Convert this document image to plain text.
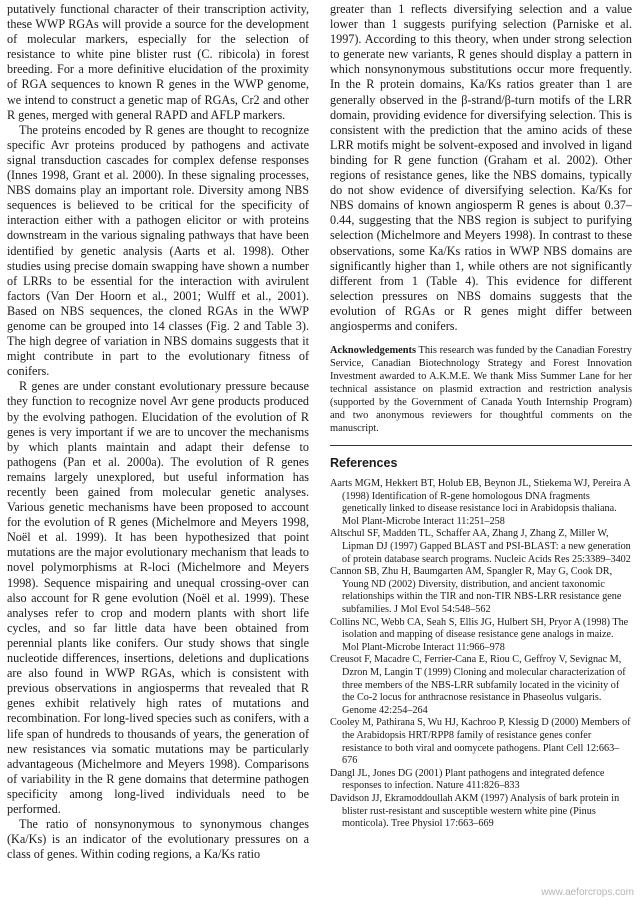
putatively functional character of their transcription activity, these WWP RGAs will provide a source for the development of molecular markers, especially for the selection of resistance to white pine blister rust (C. ribicola) in forest breeding. For a more definitive elucidation of the proximity of RGA sequences to known R genes in the WWP genome, we intend to construct a genetic map of RGAs, Cr2 and other R genes, merged with general RAPD and AFLP markers.

The proteins encoded by R genes are thought to recognize specific Avr proteins produced by pathogens and activate signal transduction cascades for complex defense responses (Innes 1998, Grant et al. 2000). In these signaling processes, NBS domains play an important role. Diversity among NBS sequences is believed to be critical for the specificity of interaction either with a pathogen elicitor or with proteins downstream in the various signaling pathways that have been identified by genetic analysis (Aarts et al. 1998). Other studies using precise domain swapping have shown a number of LRRs to be essential for the interaction with avirulent factors (Van Der Hoorn et al., 2001; Wulff et al., 2001). Based on NBS sequences, the cloned RGAs in the WWP genome can be grouped into 14 classes (Fig. 2 and Table 3). The high degree of variation in NBS domains suggests that it might contribute in part to the evolutionary fitness of conifers.

R genes are under constant evolutionary pressure because they function to recognize novel Avr gene products produced by the evolving pathogen. Elucidation of the evolution of R genes is very important if we are to uncover the mechanisms by which plants maintain and adapt their defense to pathogens (Pan et al. 2000a). The evolution of R genes remains largely unexplored, but useful information has recently been gained from molecular genetic analyses. Various genetic mechanisms have been proposed to account for the evolution of R genes (Michelmore and Meyers 1998, Noël et al. 1999). It has been hypothesized that point mutations are the major evolutionary mechanism that leads to novel polymorphisms at R-loci (Michelmore and Meyers 1998). Sequence mispairing and unequal crossing-over can also account for R gene evolution (Noël et al. 1999). These analyses refer to crop and modern plants with short life cycles, and so far little data have been obtained from perennial plants like conifers. Our study shows that single nucleotide differences, insertions, deletions and duplications are also found in WWP RGAs, which is consistent with previous observations in angiosperms that revealed that R genes exhibit relatively high rates of mutations and recombination. For long-lived species such as conifers, with a life span of hundreds to thousands of years, the generation of new resistances via somatic mutations may be particularly advantageous (Michelmore and Meyers 1998). Comparisons of variability in the R gene domains that determine pathogen specificity among long-lived individuals need to be performed.

The ratio of nonsynonymous to synonymous changes (Ka/Ks) is an indicator of the evolutionary pressures on a class of genes. Within coding regions, a Ka/Ks ratio

greater than 1 reflects diversifying selection and a value lower than 1 suggests purifying selection (Parniske et al. 1997). According to this theory, when under strong selection to generate new variants, R genes should display a pattern in which nonsynonymous substitutions occur more frequently. In the R protein domains, Ka/Ks ratios greater than 1 are generally observed in the β-strand/β-turn motifs of the LRR domain, providing evidence for diversifying selection. This is consistent with the prediction that the amino acids of these LRR motifs might be solvent-exposed and involved in ligand binding for R gene function (Graham et al. 2002). Other regions of resistance genes, like the NBS domains, typically do not show evidence of diversifying selection. Ka/Ks for NBS domains of known angiosperm R genes is about 0.37–0.44, suggesting that the NBS region is subject to purifying selection (Michelmore and Meyers 1998). In contrast to these observations, some Ka/Ks ratios in WWP NBS domains are significantly higher than 1, while others are not significantly different from 1 (Table 4). This evidence for different selection pressures on NBS domains suggests that the evolution of RGAs or R genes might differ between angiosperms and conifers.

Acknowledgements This research was funded by the Canadian Forestry Service, Canadian Biotechnology Strategy and Forest Innovation Investment awarded to A.K.M.E. We thank Miss Summer Lane for her technical assistance on plasmid extraction and restriction analysis (supported by the Government of Canada Youth Internship Program) and two anonymous reviewers for thoughtful comments on the manuscript.

References
Aarts MGM, Hekkert BT, Holub EB, Beynon JL, Stiekema WJ, Pereira A (1998) Identification of R-gene homologous DNA fragments genetically linked to disease resistance loci in Arabidopsis thaliana. Mol Plant-Microbe Interact 11:251–258
Altschul SF, Madden TL, Schaffer AA, Zhang J, Zhang Z, Miller W, Lipman DJ (1997) Gapped BLAST and PSI-BLAST: a new generation of protein database search programs. Nucleic Acids Res 25:3389–3402
Cannon SB, Zhu H, Baumgarten AM, Spangler R, May G, Cook DR, Young ND (2002) Diversity, distribution, and ancient taxonomic relationships within the TIR and non-TIR NBS-LRR resistance gene subfamilies. J Mol Evol 54:548–562
Collins NC, Webb CA, Seah S, Ellis JG, Hulbert SH, Pryor A (1998) The isolation and mapping of disease resistance gene analogs in maize. Mol Plant-Microbe Interact 11:966–978
Creusot F, Macadre C, Ferrier-Cana E, Riou C, Geffroy V, Sevignac M, Dzron M, Langin T (1999) Cloning and molecular characterization of three members of the NBS-LRR subfamily located in the vicinity of the Co-2 locus for anthracnose resistance in Phaseolus vulgaris. Genome 42:254–264
Cooley M, Pathirana S, Wu HJ, Kachroo P, Klessig D (2000) Members of the Arabidopsis HRT/RPP8 family of resistance genes confer resistance to both viral and oomycete pathogens. Plant Cell 12:663–676
Dangl JL, Jones DG (2001) Plant pathogens and integrated defence responses to infection. Nature 411:826–833
Davidson JJ, Ekramoddoullah AKM (1997) Analysis of bark protein in blister rust-resistant and susceptible western white pine (Pinus monticola). Tree Physiol 17:663–669
www.aeforcrops.com
